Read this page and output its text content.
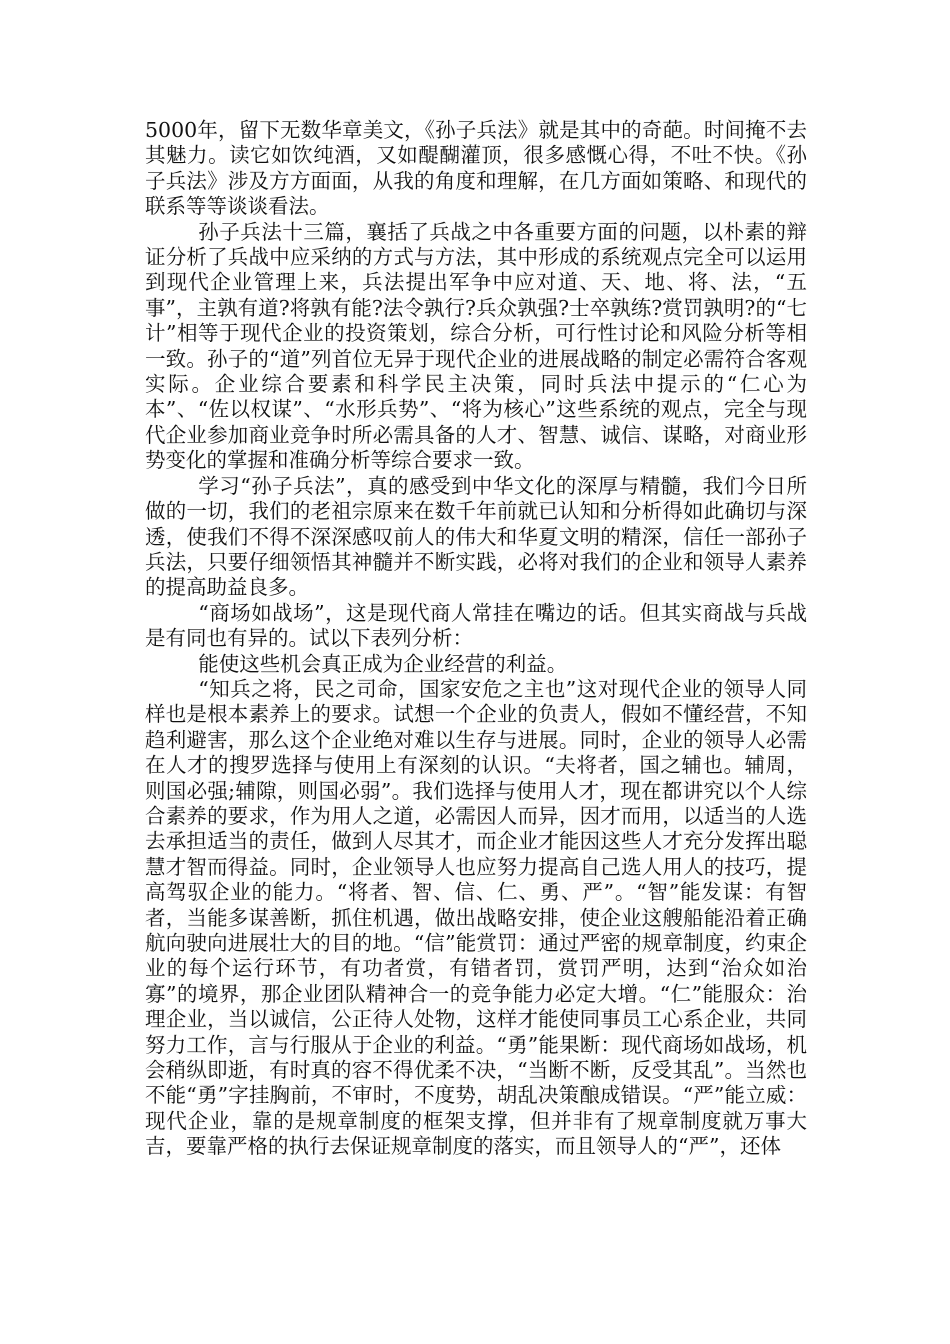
5000年，留下无数华章美文，《孙子兵法》就是其中的奇葩。时间掩不去其魅力。读它如饮纯酒，又如醍醐灌顶，很多感慨心得，不吐不快。《孙子兵法》涉及方方面面，从我的角度和理解，在几方面如策略、和现代的联系等等谈谈看法。

孙子兵法十三篇，襄括了兵战之中各重要方面的问题，以朴素的辩证分析了兵战中应采纳的方式与方法，其中形成的系统观点完全可以运用到现代企业管理上来，兵法提出军争中应对道、天、地、将、法，“五事”，主孰有道?将孰有能?法令孰行?兵众孰强?士卒孰练?赏罚孰明?的“七计”相等于现代企业的投资策划，综合分析，可行性讨论和风险分析等相一致。孙子的“道”列首位无异于现代企业的进展战略的制定必需符合客观实际。企业综合要素和科学民主决策，同时兵法中提示的“仁心为本”、“佐以权谋”、“水形兵势”、“将为核心”这些系统的观点，完全与现代企业参加商业竞争时所必需具备的人才、智慧、诚信、谋略，对商业形势变化的掌握和准确分析等综合要求一致。

学习“孙子兵法”，真的感受到中华文化的深厚与精髓，我们今日所做的一切，我们的老祖宗原来在数千年前就已认知和分析得如此确切与深透，使我们不得不深深感叹前人的伟大和华夏文明的精深，信任一部孙子兵法，只要仔细领悟其神髓并不断实践，必将对我们的企业和领导人素养的提高助益良多。

“商场如战场”，这是现代商人常挂在嘴边的话。但其实商战与兵战是有同也有异的。试以下表列分析：

能使这些机会真正成为企业经营的利益。

“知兵之将，民之司命，国家安危之主也”这对现代企业的领导人同样也是根本素养上的要求。试想一个企业的负责人，假如不懂经营，不知趋利避害，那么这个企业绝对难以生存与进展。同时，企业的领导人必需在人才的搜罗选择与使用上有深刻的认识。“夫将者，国之辅也。辅周，则国必强;辅隙，则国必弱”。我们选择与使用人才，现在都讲究以个人综合素养的要求，作为用人之道，必需因人而异，因才而用，以适当的人选去承担适当的责任，做到人尽其才，而企业才能因这些人才充分发挥出聪慧才智而得益。同时，企业领导人也应努力提高自己选人用人的技巧，提高驾驭企业的能力。“将者、智、信、仁、勇、严”。“智”能发谋：有智者，当能多谋善断，抓住机遇，做出战略安排，使企业这艘船能沿着正确航向驶向进展壮大的目的地。“信”能赏罚：通过严密的规章制度，约束企业的每个运行环节，有功者赏，有错者罚，赏罚严明，达到“治众如治寡”的境界，那企业团队精神合一的竞争能力必定大增。“仁”能服众：治理企业，当以诚信，公正待人处物，这样才能使同事员工心系企业，共同努力工作，言与行服从于企业的利益。“勇”能果断：现代商场如战场，机会稍纵即逝，有时真的容不得优柔不决，“当断不断，反受其乱”。当然也不能“勇”字挂胸前，不审时，不度势，胡乱决策酿成错误。“严”能立威：现代企业，靠的是规章制度的框架支撑，但并非有了规章制度就万事大吉，要靠严格的执行去保证规章制度的落实，而且领导人的“严”，还体
